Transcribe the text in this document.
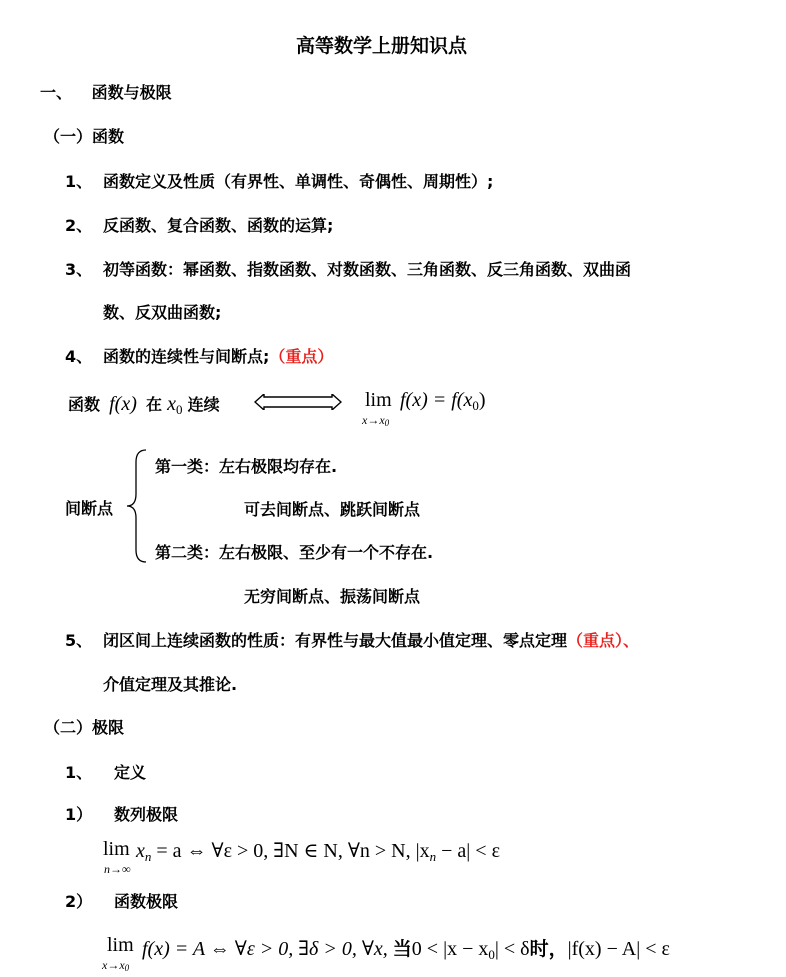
高等数学上册知识点
一、 函数与极限
（一）函数
1、 函数定义及性质（有界性、单调性、奇偶性、周期性）;
2、 反函数、复合函数、函数的运算;
3、 初等函数：幂函数、指数函数、对数函数、三角函数、反三角函数、双曲函
数、反双曲函数;
4、 函数的连续性与间断点;（重点）
函数 f(x) 在 $x_0$ 连续	lim
x→x0
$f(x) = f(x_0)$
间断点
第一类：左右极限均存在.
可去间断点、跳跃间断点
第二类：左右极限、至少有一个不存在.
无穷间断点、振荡间断点
5、 闭区间上连续函数的性质：有界性与最大值最小值定理、零点定理（重点）、
介值定理及其推论.
（二）极限
1、 定义
1） 数列极限
lim
n→∞
$x_n = a$ ⇔ ∀ε > 0, ∃N ∈ N, ∀n > N, $|x_n - a| < \varepsilon$
2） 函数极限
lim
x→x0
f(x) = A ⇔ ∀ε > 0, ∃δ > 0, ∀x, 当$0 < |x - x_0| < \delta$时，|f(x) − A| < ε
